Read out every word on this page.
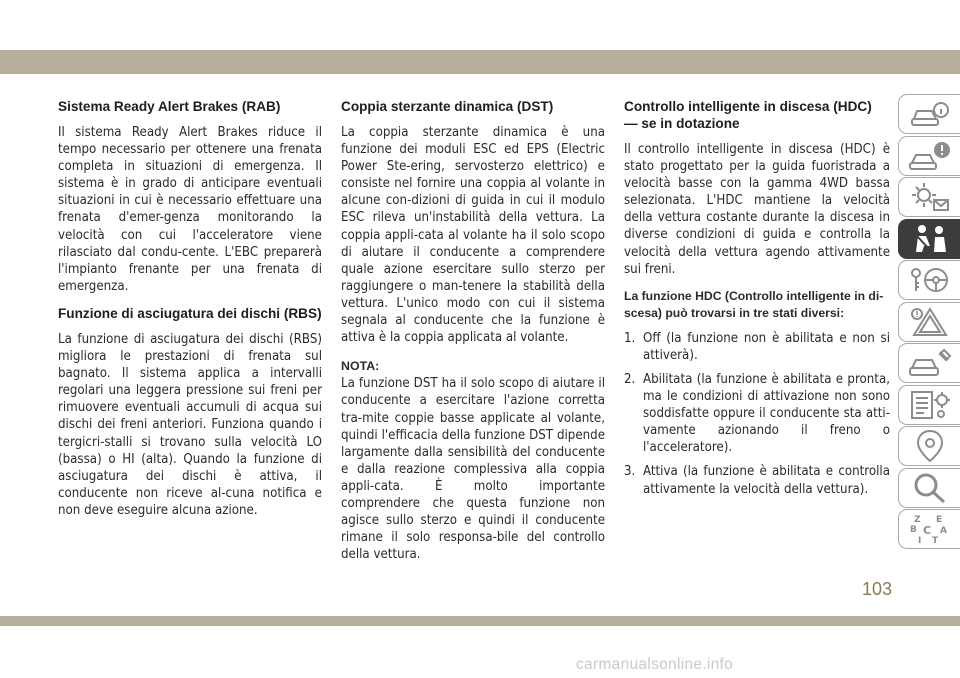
Sistema Ready Alert Brakes (RAB)

Il sistema Ready Alert Brakes riduce il tempo necessario per ottenere una frenata completa in situazioni di emergenza. Il sistema è in grado di anticipare eventuali situazioni in cui è necessario effettuare una frenata d'emer-genza monitorando la velocità con cui l'acceleratore viene rilasciato dal condu-cente. L'EBC preparerà l'impianto frenante per una frenata di emergenza.

Funzione di asciugatura dei dischi (RBS)

La funzione di asciugatura dei dischi (RBS) migliora le prestazioni di frenata sul bagnato. Il sistema applica a intervalli regolari una leggera pressione sui freni per rimuovere eventuali accumuli di acqua sui dischi dei freni anteriori. Funziona quando i tergicri-stalli si trovano sulla velocità LO (bassa) o HI (alta). Quando la funzione di asciugatura dei dischi è attiva, il conducente non riceve al-cuna notifica e non deve eseguire alcuna azione.

Coppia sterzante dinamica (DST)

La coppia sterzante dinamica è una funzione dei moduli ESC ed EPS (Electric Power Ste-ering, servosterzo elettrico) e consiste nel fornire una coppia al volante in alcune con-dizioni di guida in cui il modulo ESC rileva un'instabilità della vettura. La coppia appli-cata al volante ha il solo scopo di aiutare il conducente a comprendere quale azione esercitare sullo sterzo per raggiungere o man-tenere la stabilità della vettura. L'unico modo con cui il sistema segnala al conducente che la funzione è attiva è la coppia applicata al volante.

NOTA:

La funzione DST ha il solo scopo di aiutare il conducente a esercitare l'azione corretta tra-mite coppie basse applicate al volante, quindi l'efficacia della funzione DST dipende largamente dalla sensibilità del conducente e dalla reazione complessiva alla coppia appli-cata. È molto importante comprendere che questa funzione non agisce sullo sterzo e quindi il conducente rimane il solo responsa-bile del controllo della vettura.

Controllo intelligente in discesa (HDC) — se in dotazione

Il controllo intelligente in discesa (HDC) è stato progettato per la guida fuoristrada a velocità basse con la gamma 4WD bassa selezionata. L'HDC mantiene la velocità della vettura costante durante la discesa in diverse condizioni di guida e controlla la velocità della vettura agendo attivamente sui freni.

La funzione HDC (Controllo intelligente in di-scesa) può trovarsi in tre stati diversi:
1. Off (la funzione non è abilitata e non si attiverà).
2. Abilitata (la funzione è abilitata e pronta, ma le condizioni di attivazione non sono soddisfatte oppure il conducente sta atti-vamente azionando il freno o l'acceleratore).
3. Attiva (la funzione è abilitata e controlla attivamente la velocità della vettura).
Z E
B	A
I T
C
103
carmanualsonline.info
